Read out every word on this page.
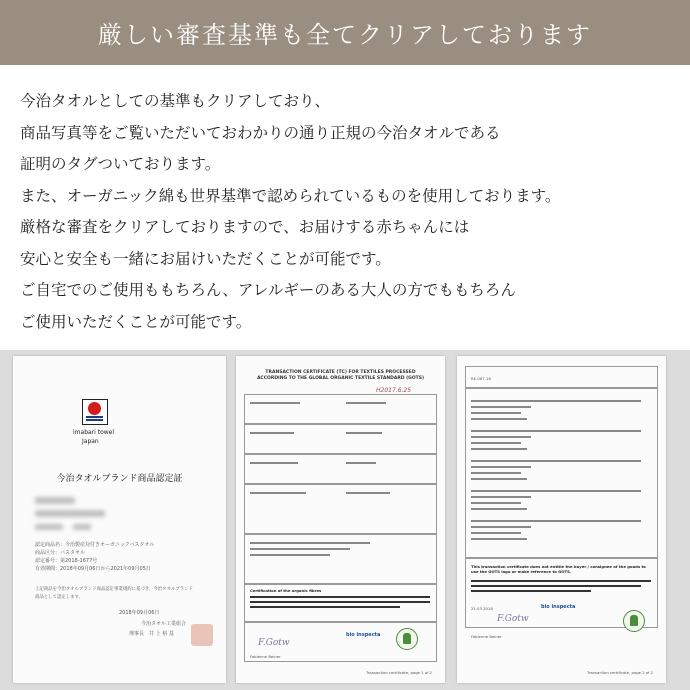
厳しい審査基準も全てクリアしております

今治タオルとしての基準もクリアしており、

商品写真等をご覧いただいておわかりの通り正規の今治タオルである

証明のタグついております。

また、オーガニック綿も世界基準で認められているものを使用しております。

厳格な審査をクリアしておりますので、お届けする赤ちゃんには

安心と安全も一緒にお届けいただくことが可能です。

ご自宅でのご使用ももちろん、アレルギーのある大人の方でももちろん

ご使用いただくことが可能です。

imabari towel
Japan
今治タオルブランド商品認定証
認定商品名：今治製産対付きオーガニックバスタオル
商品区分：バスタオル
認定番号：第2018-1677号
有効期間：2018年09月06日から2021年09月05日
上記商品を今治タオルブランド商品認定事業規約に基づき、今治タオルブランド
商品として認定します。
2018年09月06日
今治タオル工業組合
理事長　井 上 裕 基
TRANSACTION CERTIFICATE (TC) FOR TEXTILES PROCESSED
ACCORDING TO THE GLOBAL ORGANIC TEXTILE STANDARD (GOTS)
H2017.6.25
Certification of the organic fibres
bio inspecta
F.Gotw
Fabienne Beiner
Transaction certificate, page 1 of 2
RE-067-18
This transaction certificate does not entitle the buyer / consignee of the goods to use the GOTS logo or make reference to GOTS.
21.03.2018	bio inspecta
F.Gotw
Fabienne Beiner
Transaction certificate, page 2 of 2
